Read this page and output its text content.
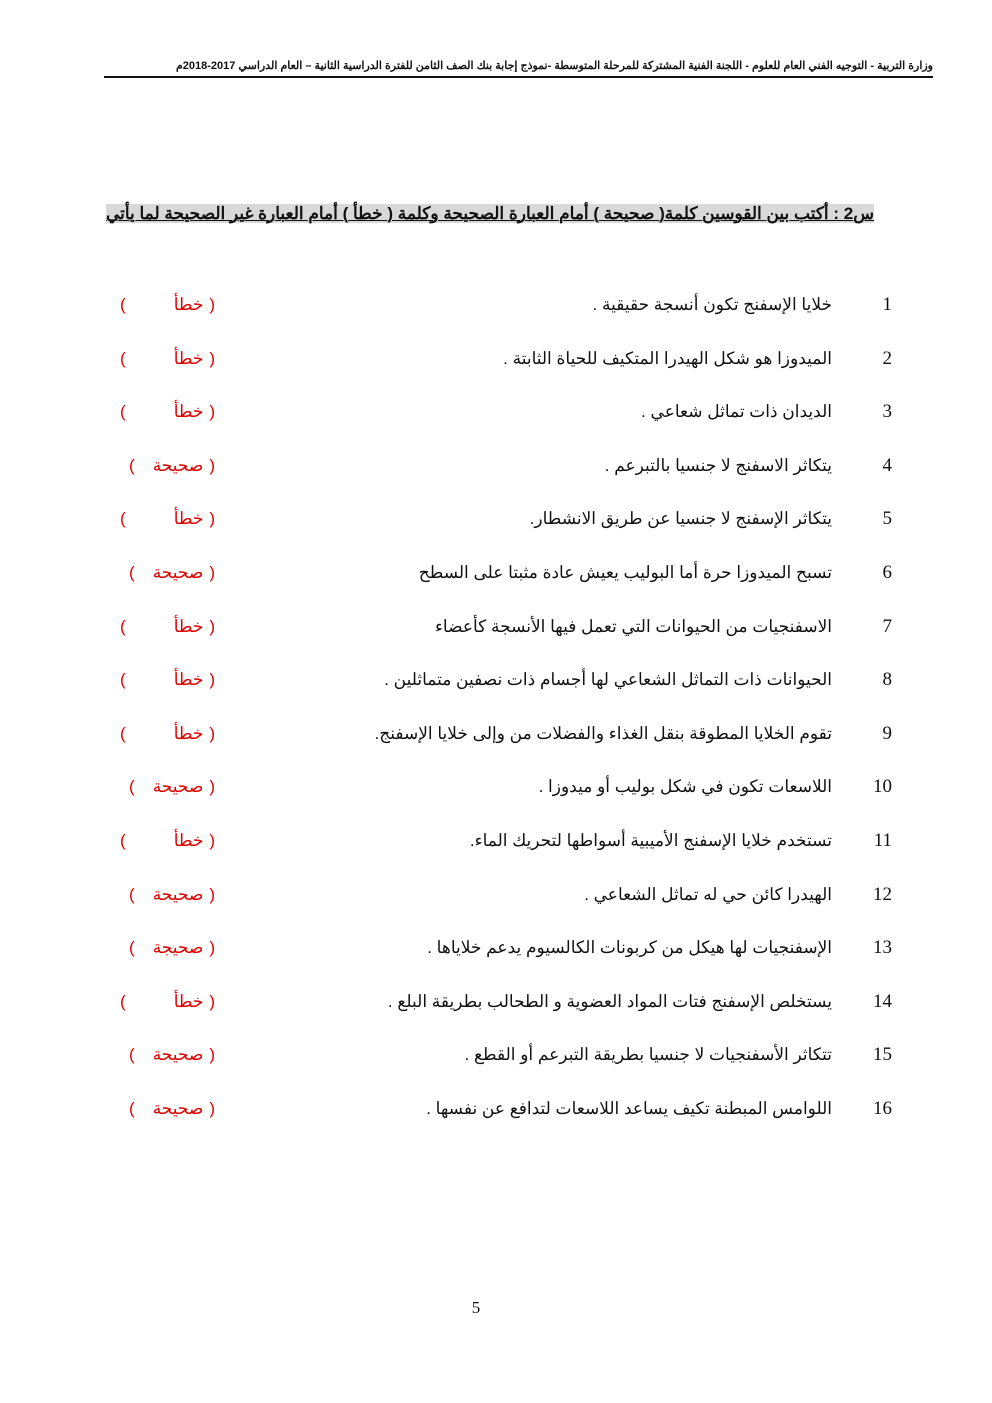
وزارة التربية - التوجيه الفني العام للعلوم - اللجنة الفنية المشتركة للمرحلة المتوسطة -نموذج إجابة بنك الصف الثامن للفترة الدراسية الثانية – العام الدراسي 2017-2018م
س2 : أكتب بين القوسين كلمة( صحيحة ) أمام العبارة الصحيحة وكلمة ( خطأ ) أمام العبارة غير الصحيحة لما يأتي
1
خلايا الإسفنج تكون أنسجة حقيقية .
(خطأ)
2
الميدوزا هو شكل الهيدرا المتكيف للحياة الثابتة .
(خطأ)
3
الديدان ذات تماثل شعاعي .
(خطأ)
4
يتكاثر الاسفنج لا جنسيا بالتبرعم .
(صحيحة)
5
يتكاثر الإسفنج لا جنسيا عن طريق الانشطار.
(خطأ)
6
تسبح الميدوزا حرة أما البوليب يعيش عادة مثبتا على السطح
(صحيحة)
7
الاسفنجيات من الحيوانات التي تعمل فيها الأنسجة كأعضاء
(خطأ)
8
الحيوانات ذات التماثل الشعاعي لها أجسام ذات نصفين متماثلين .
(خطأ)
9
تقوم الخلايا المطوقة بنقل الغذاء والفضلات من وإلى خلايا الإسفنج.
(خطأ)
10
اللاسعات تكون في شكل بوليب أو ميدوزا .
(صحيحة)
11
تستخدم خلايا الإسفنج الأميبية أسواطها لتحريك الماء.
(خطأ)
12
الهيدرا كائن حي له تماثل الشعاعي .
(صحيحة)
13
الإسفنجيات لها هيكل من كربونات الكالسيوم يدعم خلاياها .
(صحيجة)
14
يستخلص الإسفنج فتات المواد العضوية و الطحالب بطريقة البلع .
(خطأ)
15
تتكاثر الأسفنجيات لا جنسيا بطريقة التبرعم أو القطع .
(صحيحة)
16
اللوامس المبطنة تكيف يساعد اللاسعات لتدافع عن نفسها .
(صحيحة)
5
